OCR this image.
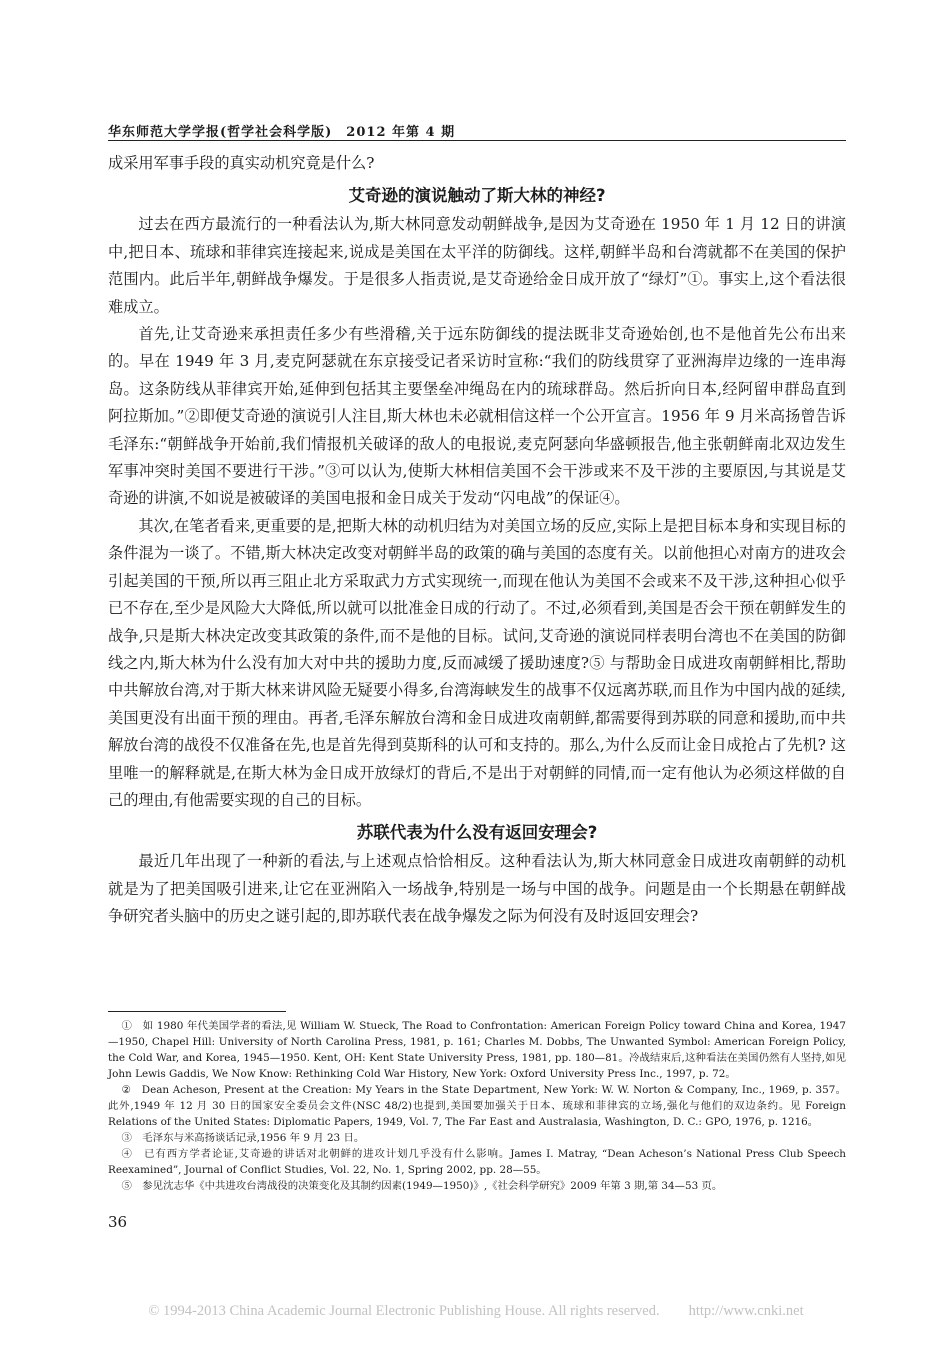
华东师范大学学报(哲学社会科学版)　2012 年第 4 期

成采用军事手段的真实动机究竟是什么?

艾奇逊的演说触动了斯大林的神经?

过去在西方最流行的一种看法认为,斯大林同意发动朝鲜战争,是因为艾奇逊在 1950 年 1 月 12 日的讲演中,把日本、琉球和菲律宾连接起来,说成是美国在太平洋的防御线。这样,朝鲜半岛和台湾就都不在美国的保护范围内。此后半年,朝鲜战争爆发。于是很多人指责说,是艾奇逊给金日成开放了“绿灯”①。事实上,这个看法很难成立。

首先,让艾奇逊来承担责任多少有些滑稽,关于远东防御线的提法既非艾奇逊始创,也不是他首先公布出来的。早在 1949 年 3 月,麦克阿瑟就在东京接受记者采访时宣称:“我们的防线贯穿了亚洲海岸边缘的一连串海岛。这条防线从菲律宾开始,延伸到包括其主要堡垒冲绳岛在内的琉球群岛。然后折向日本,经阿留申群岛直到阿拉斯加。”②即便艾奇逊的演说引人注目,斯大林也未必就相信这样一个公开宣言。1956 年 9 月米高扬曾告诉毛泽东:“朝鲜战争开始前,我们情报机关破译的敌人的电报说,麦克阿瑟向华盛顿报告,他主张朝鲜南北双边发生军事冲突时美国不要进行干涉。”③可以认为,使斯大林相信美国不会干涉或来不及干涉的主要原因,与其说是艾奇逊的讲演,不如说是被破译的美国电报和金日成关于发动“闪电战”的保证④。

其次,在笔者看来,更重要的是,把斯大林的动机归结为对美国立场的反应,实际上是把目标本身和实现目标的条件混为一谈了。不错,斯大林决定改变对朝鲜半岛的政策的确与美国的态度有关。以前他担心对南方的进攻会引起美国的干预,所以再三阻止北方采取武力方式实现统一,而现在他认为美国不会或来不及干涉,这种担心似乎已不存在,至少是风险大大降低,所以就可以批准金日成的行动了。不过,必须看到,美国是否会干预在朝鲜发生的战争,只是斯大林决定改变其政策的条件,而不是他的目标。试问,艾奇逊的演说同样表明台湾也不在美国的防御线之内,斯大林为什么没有加大对中共的援助力度,反而减缓了援助速度?⑤ 与帮助金日成进攻南朝鲜相比,帮助中共解放台湾,对于斯大林来讲风险无疑要小得多,台湾海峡发生的战事不仅远离苏联,而且作为中国内战的延续,美国更没有出面干预的理由。再者,毛泽东解放台湾和金日成进攻南朝鲜,都需要得到苏联的同意和援助,而中共解放台湾的战役不仅准备在先,也是首先得到莫斯科的认可和支持的。那么,为什么反而让金日成抢占了先机? 这里唯一的解释就是,在斯大林为金日成开放绿灯的背后,不是出于对朝鲜的同情,而一定有他认为必须这样做的自己的理由,有他需要实现的自己的目标。

苏联代表为什么没有返回安理会?

最近几年出现了一种新的看法,与上述观点恰恰相反。这种看法认为,斯大林同意金日成进攻南朝鲜的动机就是为了把美国吸引进来,让它在亚洲陷入一场战争,特别是一场与中国的战争。问题是由一个长期悬在朝鲜战争研究者头脑中的历史之谜引起的,即苏联代表在战争爆发之际为何没有及时返回安理会?

①　如 1980 年代美国学者的看法,见 William W. Stueck, The Road to Confrontation: American Foreign Policy toward China and Korea, 1947—1950, Chapel Hill: University of North Carolina Press, 1981, p. 161; Charles M. Dobbs, The Unwanted Symbol: American Foreign Policy, the Cold War, and Korea, 1945—1950. Kent, OH: Kent State University Press, 1981, pp. 180—81。冷战结束后,这种看法在美国仍然有人坚持,如见 John Lewis Gaddis, We Now Know: Rethinking Cold War History, New York: Oxford University Press Inc., 1997, p. 72。

②　Dean Acheson, Present at the Creation: My Years in the State Department, New York: W. W. Norton & Company, Inc., 1969, p. 357。此外,1949 年 12 月 30 日的国家安全委员会文件(NSC 48/2)也提到,美国要加强关于日本、琉球和菲律宾的立场,强化与他们的双边条约。见 Foreign Relations of the United States: Diplomatic Papers, 1949, Vol. 7, The Far East and Australasia, Washington, D. C.: GPO, 1976, p. 1216。

③　毛泽东与米高扬谈话记录,1956 年 9 月 23 日。

④　已有西方学者论证,艾奇逊的讲话对北朝鲜的进攻计划几乎没有什么影响。James I. Matray, “Dean Acheson’s National Press Club Speech Reexamined”, Journal of Conflict Studies, Vol. 22, No. 1, Spring 2002, pp. 28—55。

⑤　参见沈志华《中共进攻台湾战役的决策变化及其制约因素(1949—1950)》,《社会科学研究》2009 年第 3 期,第 34—53 页。

36
© 1994-2013 China Academic Journal Electronic Publishing House. All rights reserved.　　http://www.cnki.net
